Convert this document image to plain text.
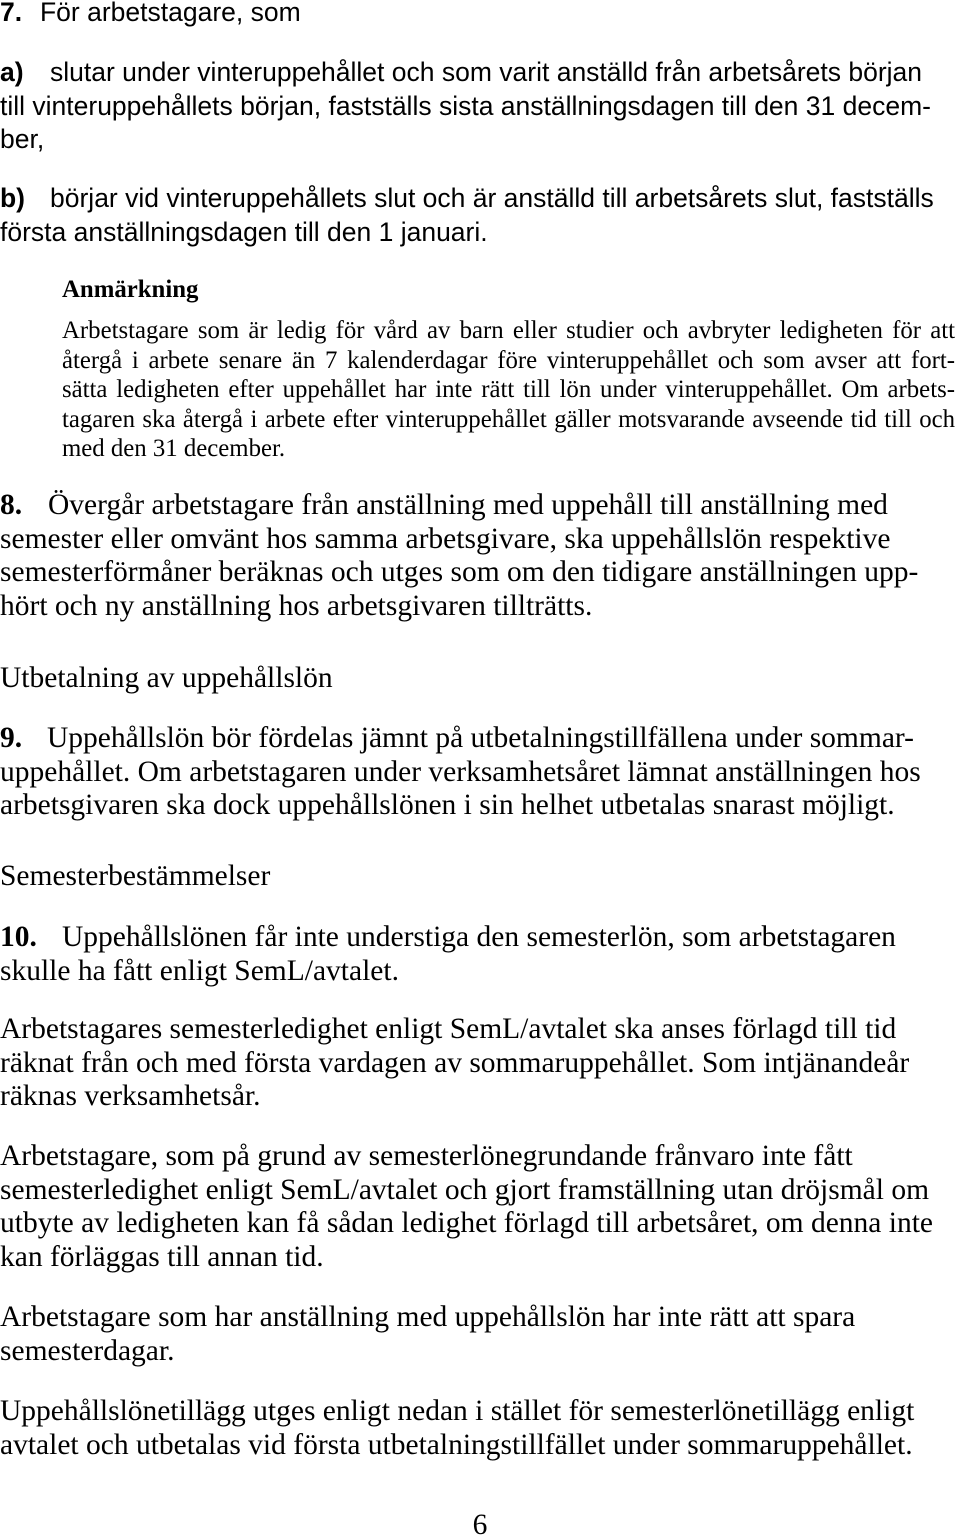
7. För arbetstagare, som
a) slutar under vinteruppehållet och som varit anställd från arbetsårets början
till vinteruppehållets början, fastställs sista anställningsdagen till den 31 decem-
ber,
b) börjar vid vinteruppehållets slut och är anställd till arbetsårets slut, fastställs
första anställningsdagen till den 1 januari.
Anmärkning
Arbetstagare som är ledig för vård av barn eller studier och avbryter ledigheten för att
återgå i arbete senare än 7 kalenderdagar före vinteruppehållet och som avser att fort-
sätta ledigheten efter uppehållet har inte rätt till lön under vinteruppehållet. Om arbets-
tagaren ska återgå i arbete efter vinteruppehållet gäller motsvarande avseende tid till och
med den 31 december.
8. Övergår arbetstagare från anställning med uppehåll till anställning med
semester eller omvänt hos samma arbetsgivare, ska uppehållslön respektive
semesterförmåner beräknas och utges som om den tidigare anställningen upp-
hört och ny anställning hos arbetsgivaren tillträtts.
Utbetalning av uppehållslön
9. Uppehållslön bör fördelas jämnt på utbetalningstillfällena under sommar-
uppehållet. Om arbetstagaren under verksamhetsåret lämnat anställningen hos
arbetsgivaren ska dock uppehållslönen i sin helhet utbetalas snarast möjligt.
Semesterbestämmelser
10. Uppehållslönen får inte understiga den semesterlön, som arbetstagaren
skulle ha fått enligt SemL/avtalet.
Arbetstagares semesterledighet enligt SemL/avtalet ska anses förlagd till tid
räknat från och med första vardagen av sommaruppehållet. Som intjänandeår
räknas verksamhetsår.
Arbetstagare, som på grund av semesterlönegrundande frånvaro inte fått
semesterledighet enligt SemL/avtalet och gjort framställning utan dröjsmål om
utbyte av ledigheten kan få sådan ledighet förlagd till arbetsåret, om denna inte
kan förläggas till annan tid.
Arbetstagare som har anställning med uppehållslön har inte rätt att spara
semesterdagar.
Uppehållslönetillägg utges enligt nedan i stället för semesterlönetillägg enligt
avtalet och utbetalas vid första utbetalningstillfället under sommaruppehållet.
6
